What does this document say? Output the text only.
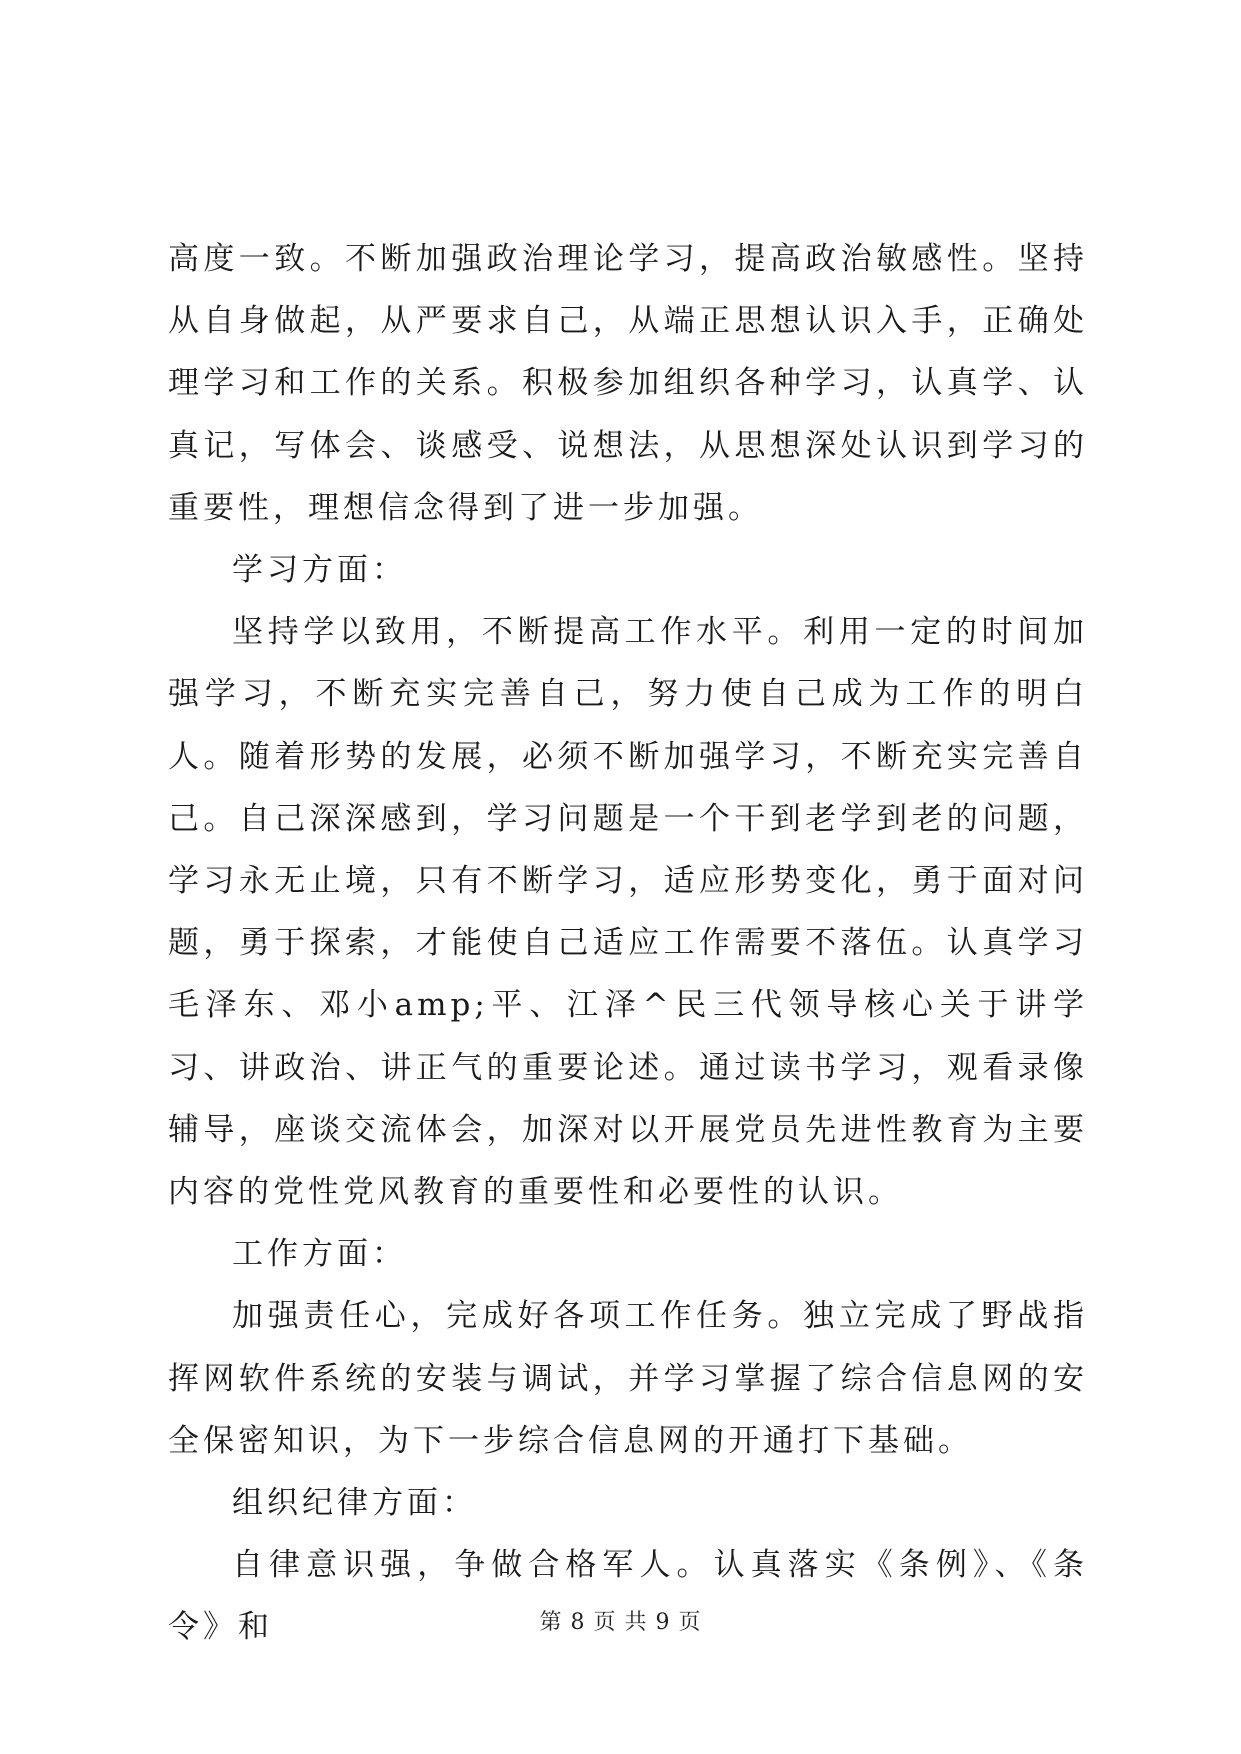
高度一致。不断加强政治理论学习，提高政治敏感性。坚持从自身做起，从严要求自己，从端正思想认识入手，正确处理学习和工作的关系。积极参加组织各种学习，认真学、认真记，写体会、谈感受、说想法，从思想深处认识到学习的重要性，理想信念得到了进一步加强。

学习方面：

坚持学以致用，不断提高工作水平。利用一定的时间加强学习，不断充实完善自己，努力使自己成为工作的明白人。随着形势的发展，必须不断加强学习，不断充实完善自己。自己深深感到，学习问题是一个干到老学到老的问题，学习永无止境，只有不断学习，适应形势变化，勇于面对问题，勇于探索，才能使自己适应工作需要不落伍。认真学习毛泽东、邓小amp;平、江泽^民三代领导核心关于讲学习、讲政治、讲正气的重要论述。通过读书学习，观看录像辅导，座谈交流体会，加深对以开展党员先进性教育为主要内容的党性党风教育的重要性和必要性的认识。

工作方面：

加强责任心，完成好各项工作任务。独立完成了野战指挥网软件系统的安装与调试，并学习掌握了综合信息网的安全保密知识，为下一步综合信息网的开通打下基础。

组织纪律方面：

自律意识强，争做合格军人。认真落实《条例》、《条令》和	第 8 页 共 9 页
